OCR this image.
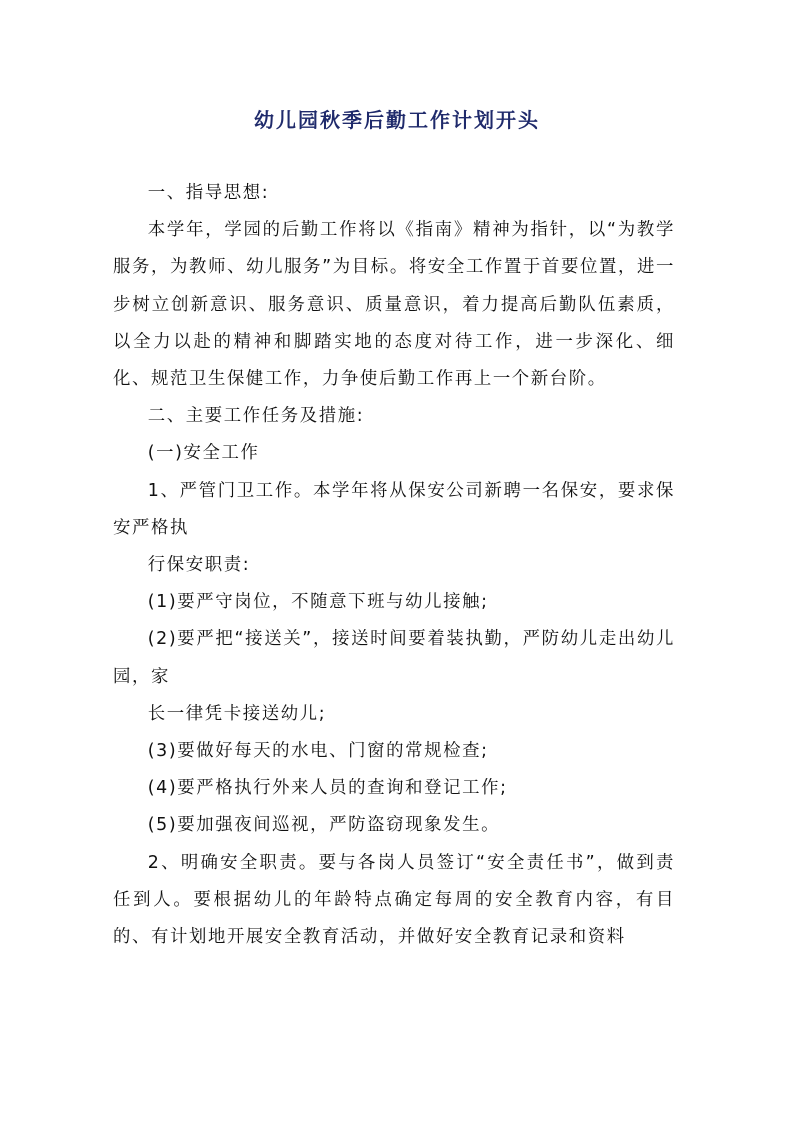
幼儿园秋季后勤工作计划开头

一、指导思想:

本学年，学园的后勤工作将以《指南》精神为指针，以“为教学服务，为教师、幼儿服务”为目标。将安全工作置于首要位置，进一步树立创新意识、服务意识、质量意识，着力提高后勤队伍素质，以全力以赴的精神和脚踏实地的态度对待工作，进一步深化、细化、规范卫生保健工作，力争使后勤工作再上一个新台阶。

二、主要工作任务及措施:

(一)安全工作

1、严管门卫工作。本学年将从保安公司新聘一名保安，要求保安严格执

行保安职责:

(1)要严守岗位，不随意下班与幼儿接触;

(2)要严把“接送关”，接送时间要着装执勤，严防幼儿走出幼儿园，家

长一律凭卡接送幼儿;

(3)要做好每天的水电、门窗的常规检查;

(4)要严格执行外来人员的查询和登记工作;

(5)要加强夜间巡视，严防盗窃现象发生。

2、明确安全职责。要与各岗人员签订“安全责任书”，做到责任到人。要根据幼儿的年龄特点确定每周的安全教育内容，有目的、有计划地开展安全教育活动，并做好安全教育记录和资料
